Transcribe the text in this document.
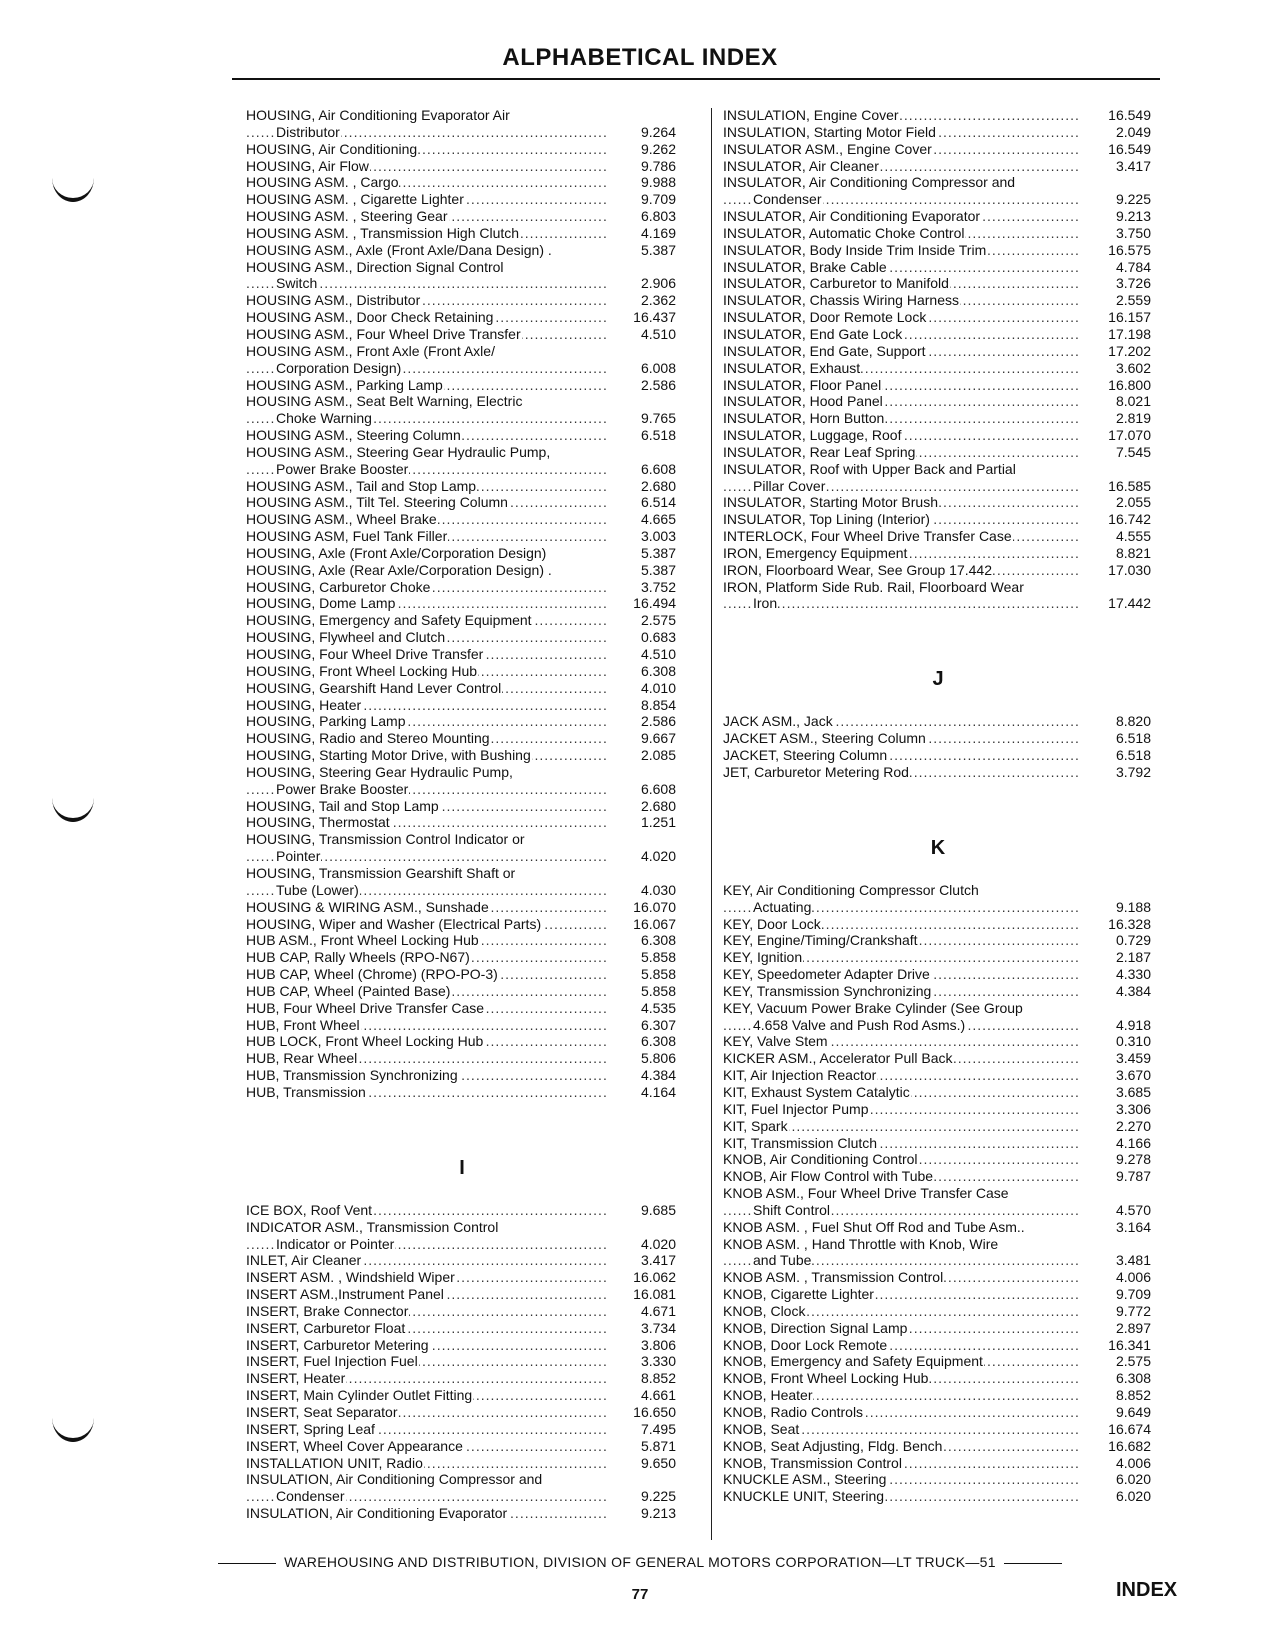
ALPHABETICAL INDEX
HOUSING, Air Conditioning Evaporator Air
Distributor .....	9.264
HOUSING, Air Conditioning .....	9.262
HOUSING, Air Flow .....	9.786
HOUSING ASM. , Cargo .....	9.988
HOUSING ASM. , Cigarette Lighter .....	9.709
HOUSING ASM. , Steering Gear .....	6.803
HOUSING ASM. , Transmission High Clutch .....	4.169
HOUSING ASM., Axle (Front Axle/Dana Design) .	5.387
HOUSING ASM., Direction Signal Control
Switch .....	2.906
HOUSING ASM., Distributor .....	2.362
HOUSING ASM., Door Check Retaining .....	16.437
HOUSING ASM., Four Wheel Drive Transfer .....	4.510
HOUSING ASM., Front Axle (Front Axle/
Corporation Design) .....	6.008
HOUSING ASM., Parking Lamp .....	2.586
HOUSING ASM., Seat Belt Warning, Electric
Choke Warning .....	9.765
HOUSING ASM., Steering Column .....	6.518
HOUSING ASM., Steering Gear Hydraulic Pump,
Power Brake Booster .....	6.608
HOUSING ASM., Tail and Stop Lamp .....	2.680
HOUSING ASM., Tilt Tel. Steering Column .....	6.514
HOUSING ASM., Wheel Brake .....	4.665
HOUSING ASM, Fuel Tank Filler .....	3.003
HOUSING, Axle (Front Axle/Corporation Design)	5.387
HOUSING, Axle (Rear Axle/Corporation Design) .	5.387
HOUSING, Carburetor Choke .....	3.752
HOUSING, Dome Lamp .....	16.494
HOUSING, Emergency and Safety Equipment .....	2.575
HOUSING, Flywheel and Clutch .....	0.683
HOUSING, Four Wheel Drive Transfer .....	4.510
HOUSING, Front Wheel Locking Hub .....	6.308
HOUSING, Gearshift Hand Lever Control .....	4.010
HOUSING, Heater .....	8.854
HOUSING, Parking Lamp .....	2.586
HOUSING, Radio and Stereo Mounting .....	9.667
HOUSING, Starting Motor Drive, with Bushing .....	2.085
HOUSING, Steering Gear Hydraulic Pump,
Power Brake Booster .....	6.608
HOUSING, Tail and Stop Lamp .....	2.680
HOUSING, Thermostat .....	1.251
HOUSING, Transmission Control Indicator or
Pointer .....	4.020
HOUSING, Transmission Gearshift Shaft or
Tube (Lower) .....	4.030
HOUSING & WIRING ASM., Sunshade .....	16.070
HOUSING, Wiper and Washer (Electrical Parts) .....	16.067
HUB ASM., Front Wheel Locking Hub .....	6.308
HUB CAP, Rally Wheels (RPO-N67) .....	5.858
HUB CAP, Wheel (Chrome) (RPO-PO-3) .....	5.858
HUB CAP, Wheel (Painted Base) .....	5.858
HUB, Four Wheel Drive Transfer Case .....	4.535
HUB, Front Wheel .....	6.307
HUB LOCK, Front Wheel Locking Hub .....	6.308
HUB, Rear Wheel .....	5.806
HUB, Transmission Synchronizing .....	4.384
HUB, Transmission .....	4.164
I
ICE BOX, Roof Vent .....	9.685
INDICATOR ASM., Transmission Control
Indicator or Pointer .....	4.020
INLET, Air Cleaner .....	3.417
INSERT ASM. , Windshield Wiper .....	16.062
INSERT ASM.,Instrument Panel .....	16.081
INSERT, Brake Connector .....	4.671
INSERT, Carburetor Float .....	3.734
INSERT, Carburetor Metering .....	3.806
INSERT, Fuel Injection Fuel .....	3.330
INSERT, Heater .....	8.852
INSERT, Main Cylinder Outlet Fitting .....	4.661
INSERT, Seat Separator .....	16.650
INSERT, Spring Leaf .....	7.495
INSERT, Wheel Cover Appearance .....	5.871
INSTALLATION UNIT, Radio .....	9.650
INSULATION, Air Conditioning Compressor and
Condenser .....	9.225
INSULATION, Air Conditioning Evaporator .....	9.213
INSULATION, Engine Cover .....	16.549
INSULATION, Starting Motor Field .....	2.049
INSULATOR ASM., Engine Cover .....	16.549
INSULATOR, Air Cleaner .....	3.417
INSULATOR, Air Conditioning Compressor and
Condenser .....	9.225
INSULATOR, Air Conditioning Evaporator .....	9.213
INSULATOR, Automatic Choke Control .....	3.750
INSULATOR, Body Inside Trim Inside Trim .....	16.575
INSULATOR, Brake Cable .....	4.784
INSULATOR, Carburetor to Manifold .....	3.726
INSULATOR, Chassis Wiring Harness .....	2.559
INSULATOR, Door Remote Lock .....	16.157
INSULATOR, End Gate Lock .....	17.198
INSULATOR, End Gate, Support .....	17.202
INSULATOR, Exhaust .....	3.602
INSULATOR, Floor Panel .....	16.800
INSULATOR, Hood Panel .....	8.021
INSULATOR, Horn Button .....	2.819
INSULATOR, Luggage, Roof .....	17.070
INSULATOR, Rear Leaf Spring .....	7.545
INSULATOR, Roof with Upper Back and Partial
Pillar Cover .....	16.585
INSULATOR, Starting Motor Brush .....	2.055
INSULATOR, Top Lining (Interior) .....	16.742
INTERLOCK, Four Wheel Drive Transfer Case .....	4.555
IRON, Emergency Equipment .....	8.821
IRON, Floorboard Wear, See Group 17.442 .....	17.030
IRON, Platform Side Rub. Rail, Floorboard Wear
Iron .....	17.442
J
JACK ASM., Jack .....	8.820
JACKET ASM., Steering Column .....	6.518
JACKET, Steering Column .....	6.518
JET, Carburetor Metering Rod .....	3.792
K
KEY, Air Conditioning Compressor Clutch
Actuating .....	9.188
KEY, Door Lock .....	16.328
KEY, Engine/Timing/Crankshaft .....	0.729
KEY, Ignition .....	2.187
KEY, Speedometer Adapter Drive .....	4.330
KEY, Transmission Synchronizing .....	4.384
KEY, Vacuum Power Brake Cylinder (See Group
4.658 Valve and Push Rod Asms.) .....	4.918
KEY, Valve Stem .....	0.310
KICKER ASM., Accelerator Pull Back .....	3.459
KIT, Air Injection Reactor .....	3.670
KIT, Exhaust System Catalytic .....	3.685
KIT, Fuel Injector Pump .....	3.306
KIT, Spark .....	2.270
KIT, Transmission Clutch .....	4.166
KNOB, Air Conditioning Control .....	9.278
KNOB, Air Flow Control with Tube .....	9.787
KNOB ASM., Four Wheel Drive Transfer Case
Shift Control .....	4.570
KNOB ASM. , Fuel Shut Off Rod and Tube Asm..	3.164
KNOB ASM. , Hand Throttle with Knob, Wire
and Tube .....	3.481
KNOB ASM. , Transmission Control .....	4.006
KNOB, Cigarette Lighter .....	9.709
KNOB, Clock .....	9.772
KNOB, Direction Signal Lamp .....	2.897
KNOB, Door Lock Remote .....	16.341
KNOB, Emergency and Safety Equipment .....	2.575
KNOB, Front Wheel Locking Hub .....	6.308
KNOB, Heater .....	8.852
KNOB, Radio Controls .....	9.649
KNOB, Seat .....	16.674
KNOB, Seat Adjusting, Fldg. Bench .....	16.682
KNOB, Transmission Control .....	4.006
KNUCKLE ASM., Steering .....	6.020
KNUCKLE UNIT, Steering .....	6.020
WAREHOUSING AND DISTRIBUTION, DIVISION OF GENERAL MOTORS CORPORATION—LT TRUCK—51
77	INDEX
